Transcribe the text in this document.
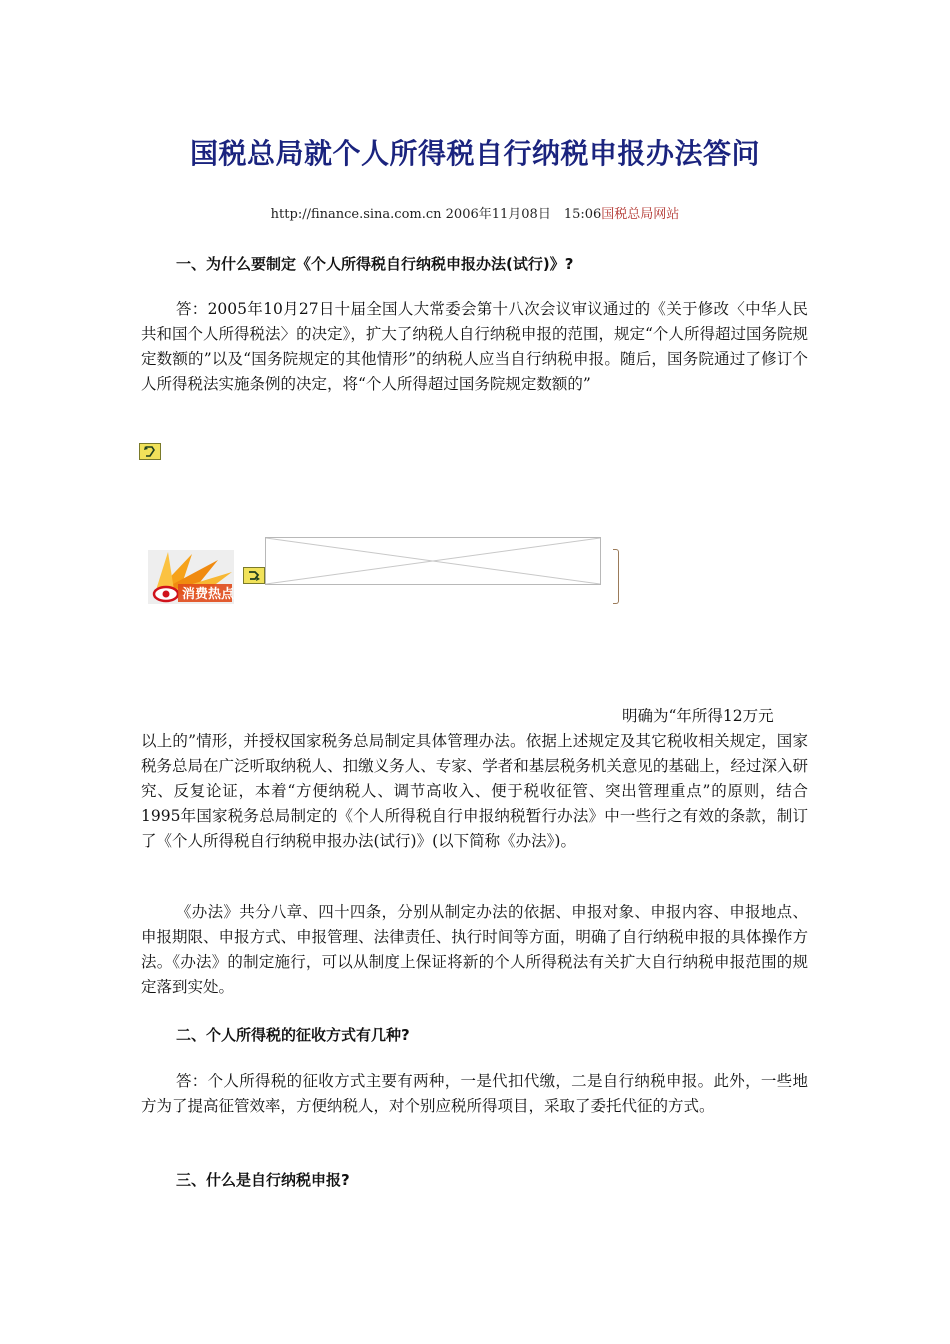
国税总局就个人所得税自行纳税申报办法答问
http://finance.sina.com.cn 2006年11月08日　15:06国税总局网站

一、为什么要制定《个人所得税自行纳税申报办法(试行)》?

答：2005年10月27日十届全国人大常委会第十八次会议审议通过的《关于修改〈中华人民共和国个人所得税法〉的决定》，扩大了纳税人自行纳税申报的范围，规定“个人所得超过国务院规定数额的”以及“国务院规定的其他情形”的纳税人应当自行纳税申报。随后，国务院通过了修订个人所得税法实施条例的决定，将“个人所得超过国务院规定数额的”

消费热点

明确为“年所得12万元

以上的”情形，并授权国家税务总局制定具体管理办法。依据上述规定及其它税收相关规定，国家税务总局在广泛听取纳税人、扣缴义务人、专家、学者和基层税务机关意见的基础上，经过深入研究、反复论证，本着“方便纳税人、调节高收入、便于税收征管、突出管理重点”的原则，结合1995年国家税务总局制定的《个人所得税自行申报纳税暂行办法》中一些行之有效的条款，制订了《个人所得税自行纳税申报办法(试行)》(以下简称《办法》)。

《办法》共分八章、四十四条，分别从制定办法的依据、申报对象、申报内容、申报地点、申报期限、申报方式、申报管理、法律责任、执行时间等方面，明确了自行纳税申报的具体操作方法。《办法》的制定施行，可以从制度上保证将新的个人所得税法有关扩大自行纳税申报范围的规定落到实处。

二、个人所得税的征收方式有几种?

答：个人所得税的征收方式主要有两种，一是代扣代缴，二是自行纳税申报。此外，一些地方为了提高征管效率，方便纳税人，对个别应税所得项目，采取了委托代征的方式。

三、什么是自行纳税申报?
